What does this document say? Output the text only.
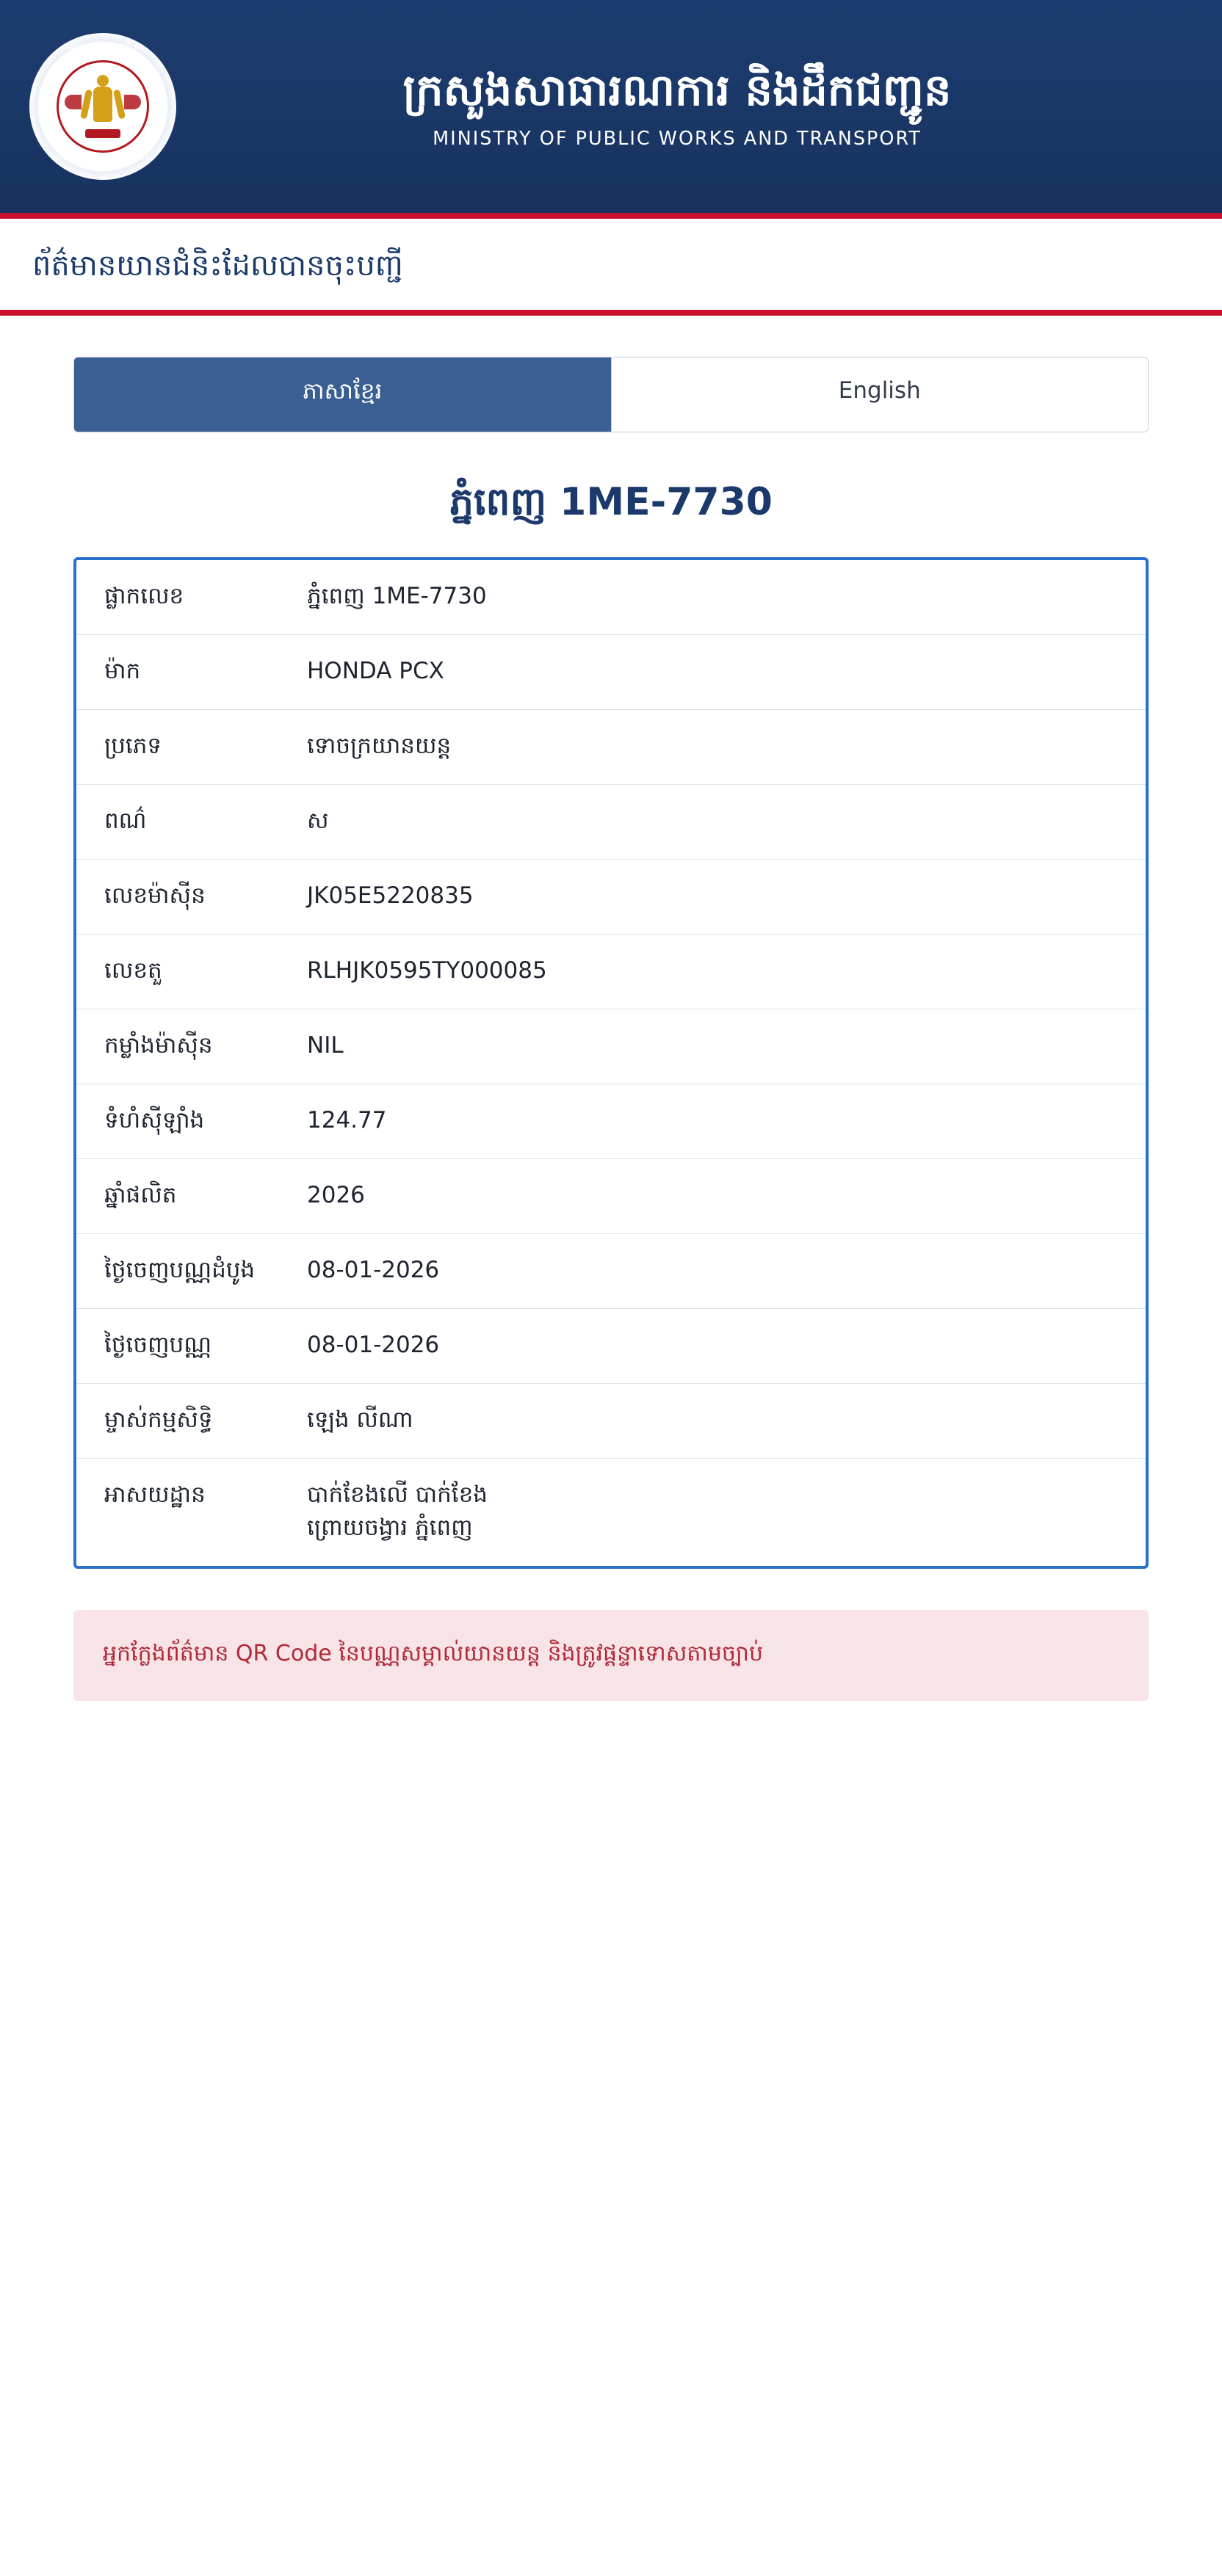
ព្រះរាជាណាចក្រកម្ពុជា ជាតិ សាសនា ព្រះមហាក្សត្រ
MINISTRY OF PUBLIC WORKS AND TRANSPORT
ក្រសួងសាធារណការ និងដឹកជញ្ជូន
MINISTRY OF PUBLIC WORKS AND TRANSPORT
ព័ត៌មានយានជំនិះដែលបានចុះបញ្ជី
ភាសាខ្មែរ	English
ភ្នំពេញ 1ME-7730
ផ្លាកលេខ	ភ្នំពេញ 1ME-7730
ម៉ាក	HONDA PCX
ប្រភេទ	ទោចក្រយានយន្ត
ពណ៌	ស
លេខម៉ាស៊ីន	JK05E5220835
លេខតួ	RLHJK0595TY000085
កម្លាំងម៉ាស៊ីន	NIL
ទំហំស៊ីឡាំង	124.77
ឆ្នាំផលិត	2026
ថ្ងៃចេញបណ្ណដំបូង	08-01-2026
ថ្ងៃចេញបណ្ណ	08-01-2026
ម្ចាស់កម្មសិទ្ធិ	ឡេង លីណា
អាសយដ្ឋាន	បាក់ខែងលើ បាក់ខែង
ព្រោយចង្វារ ភ្នំពេញ

អ្នកក្លែងព័ត៌មាន QR Code នៃបណ្ណសម្គាល់យានយន្ត និងត្រូវផ្តន្ទាទោសតាមច្បាប់
